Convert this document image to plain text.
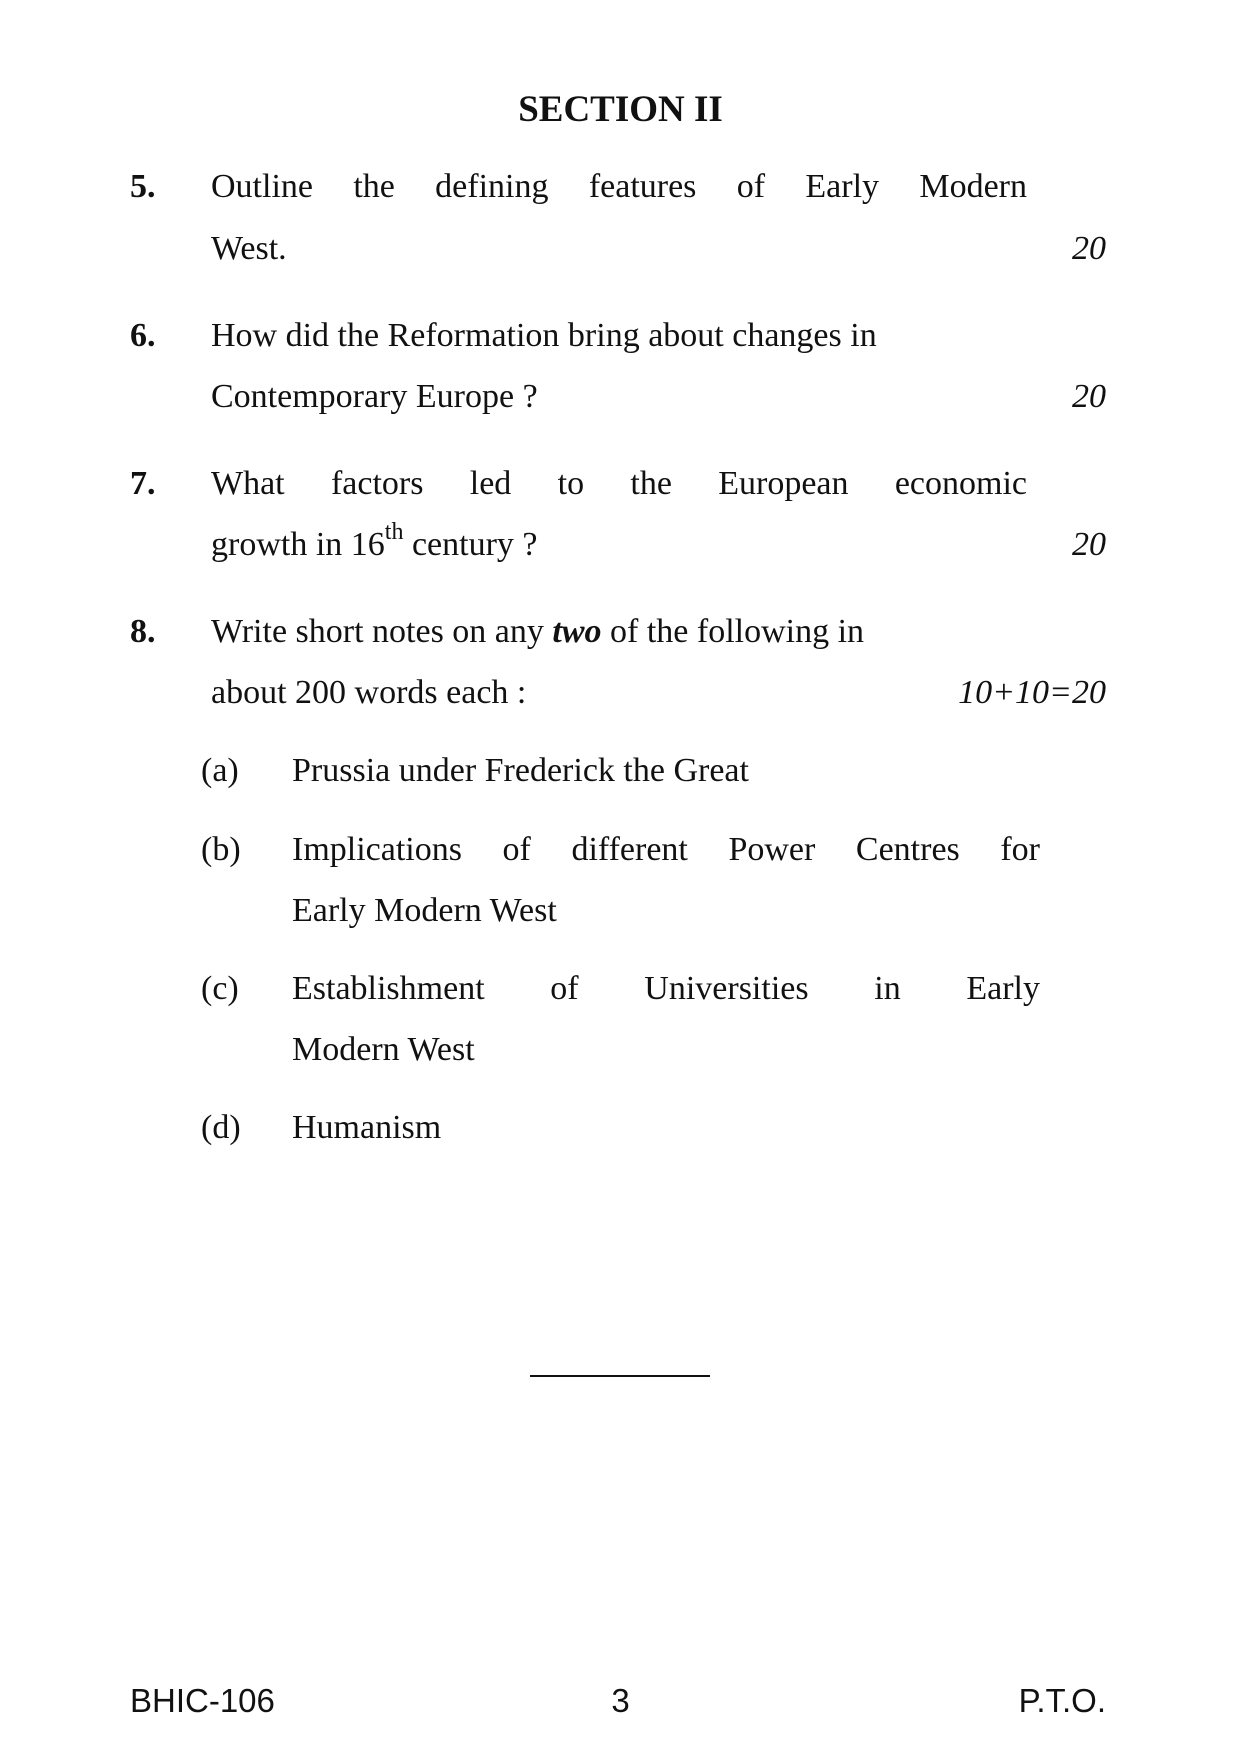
SECTION II
5. Outline the defining features of Early Modern
West.	20
6. How did the Reformation bring about changes in
Contemporary Europe ?	20
7. What factors led to the European economic
growth in 16th century ?	20
8. Write short notes on any two of the following in
about 200 words each :	10+10=20
(a) Prussia under Frederick the Great
(b) Implications of different Power Centres for
Early Modern West
(c) Establishment of Universities in Early
Modern West
(d) Humanism
BHIC-106	3	P.T.O.
